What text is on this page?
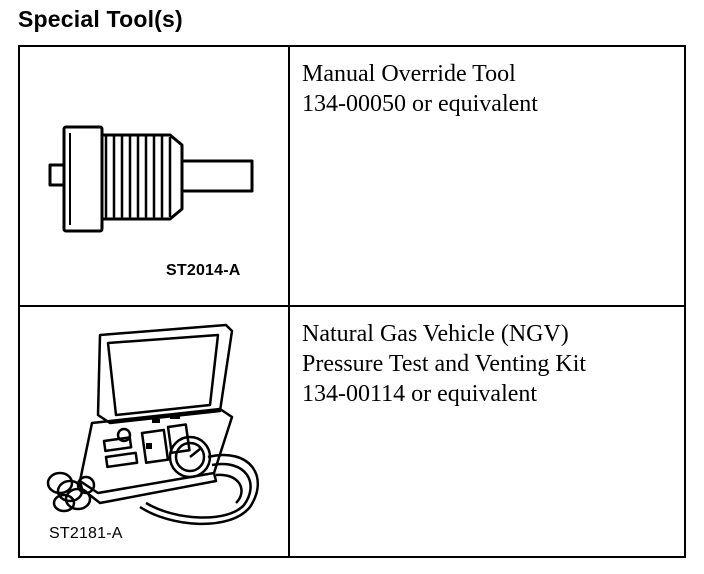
Special Tool(s)
ST2014-A
Manual Override Tool
134-00050 or equivalent
ST2181-A
Natural Gas Vehicle (NGV)
Pressure Test and Venting Kit
134-00114 or equivalent
